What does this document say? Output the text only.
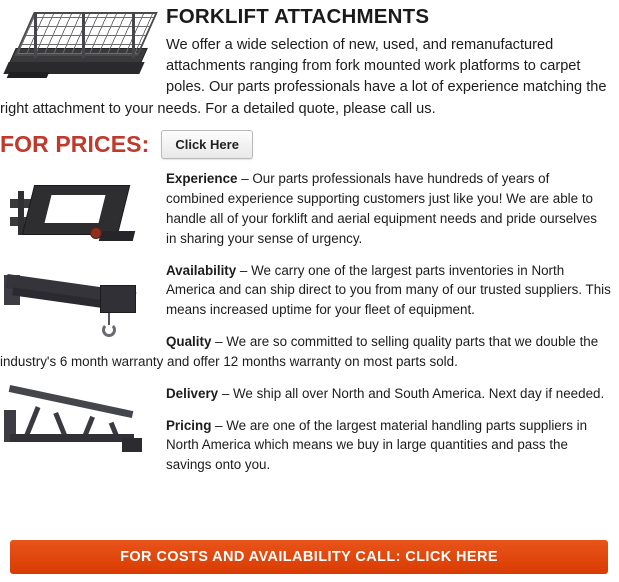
FORKLIFT ATTACHMENTS

We offer a wide selection of new, used, and remanufactured attachments ranging from fork mounted work platforms to carpet poles. Our parts professionals have a lot of experience matching the right attachment to your needs. For a detailed quote, please call us.

FOR PRICES:	Click Here

Experience – Our parts professionals have hundreds of years of combined experience supporting customers just like you! We are able to handle all of your forklift and aerial equipment needs and pride ourselves in sharing your sense of urgency.

Availability – We carry one of the largest parts inventories in North America and can ship direct to you from many of our trusted suppliers. This means increased uptime for your fleet of equipment.

Quality – We are so committed to selling quality parts that we double the industry's 6 month warranty and offer 12 months warranty on most parts sold.

Delivery – We ship all over North and South America. Next day if needed.

Pricing – We are one of the largest material handling parts suppliers in North America which means we buy in large quantities and pass the savings onto you.

FOR COSTS AND AVAILABILITY CALL: CLICK HERE
